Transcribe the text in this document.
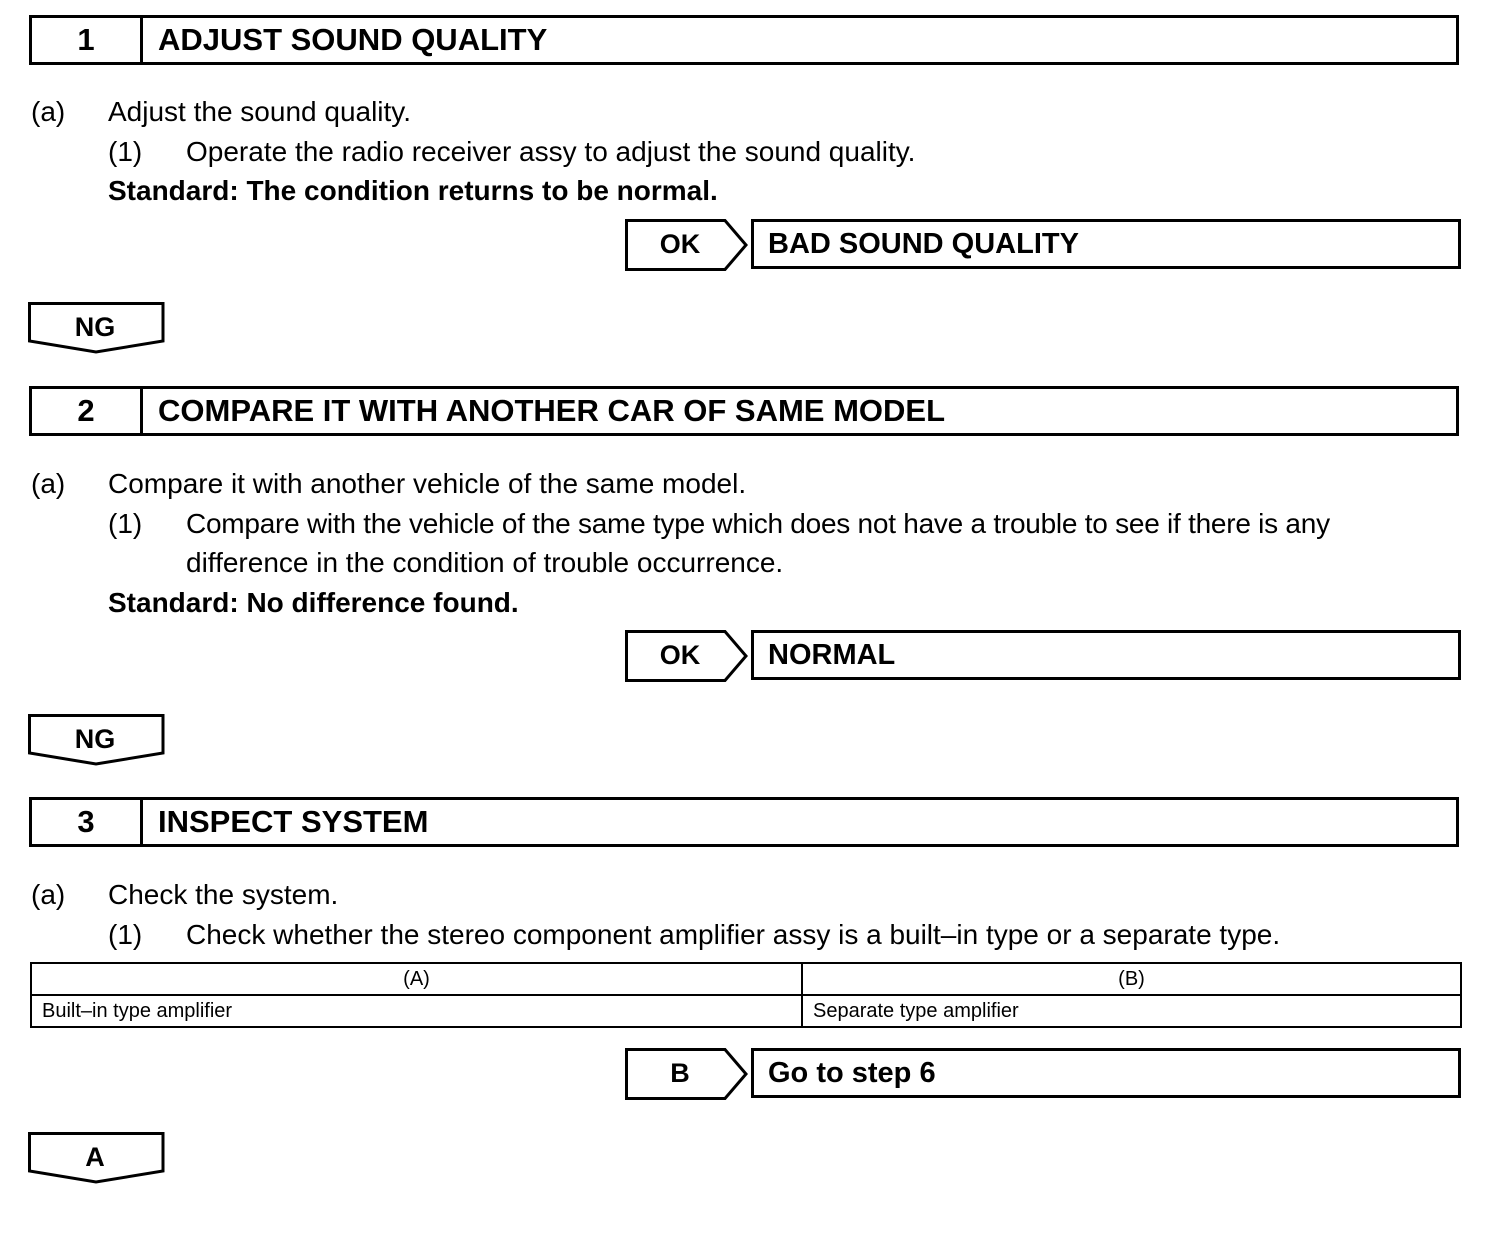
1	ADJUST SOUND QUALITY
(a) Adjust the sound quality.
(1) Operate the radio receiver assy to adjust the sound quality.
Standard: The condition returns to be normal.
OK	BAD SOUND QUALITY
NG
2	COMPARE IT WITH ANOTHER CAR OF SAME MODEL
(a) Compare it with another vehicle of the same model.
(1) Compare with the vehicle of the same type which does not have a trouble to see if there is any
difference in the condition of trouble occurrence.
Standard: No difference found.
OK	NORMAL
NG
3	INSPECT SYSTEM
(a) Check the system.
(1) Check whether the stereo component amplifier assy is a built–in type or a separate type.
(A)	(B)
Built–in type amplifier	Separate type amplifier
B	Go to step 6
A
